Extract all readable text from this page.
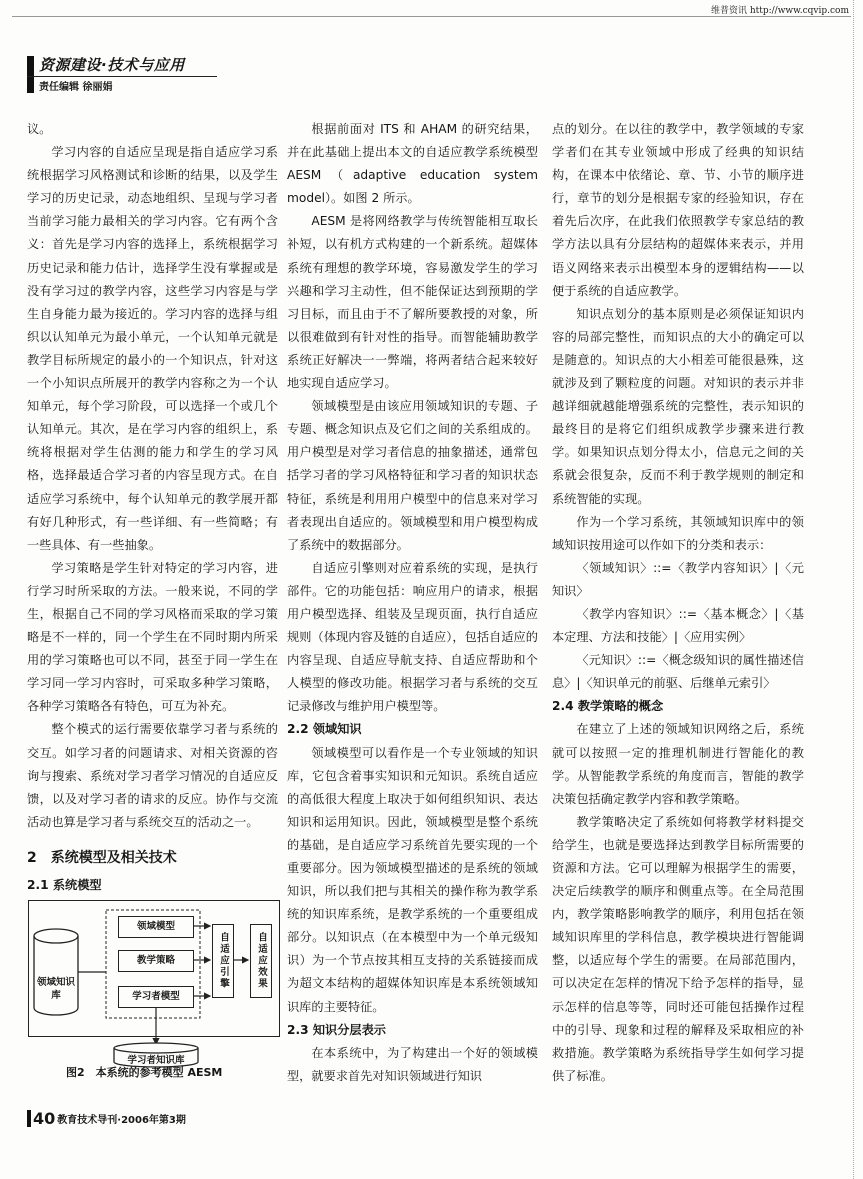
维普资讯 http://www.cqvip.com
资源建设·技术与应用
责任编辑 徐丽娟

议。

学习内容的自适应呈现是指自适应学习系统根据学习风格测试和诊断的结果，以及学生学习的历史记录，动态地组织、呈现与学习者当前学习能力最相关的学习内容。它有两个含义：首先是学习内容的选择上，系统根据学习历史记录和能力估计，选择学生没有掌握或是没有学习过的教学内容，这些学习内容是与学生自身能力最为接近的。学习内容的选择与组织以认知单元为最小单元，一个认知单元就是教学目标所规定的最小的一个知识点，针对这一个小知识点所展开的教学内容称之为一个认知单元，每个学习阶段，可以选择一个或几个认知单元。其次，是在学习内容的组织上，系统将根据对学生估测的能力和学生的学习风格，选择最适合学习者的内容呈现方式。在自适应学习系统中，每个认知单元的教学展开都有好几种形式，有一些详细、有一些简略；有一些具体、有一些抽象。

学习策略是学生针对特定的学习内容，进行学习时所采取的方法。一般来说，不同的学生，根据自己不同的学习风格而采取的学习策略是不一样的，同一个学生在不同时期内所采用的学习策略也可以不同，甚至于同一学生在学习同一学习内容时，可采取多种学习策略，各种学习策略各有特色，可互为补充。

整个模式的运行需要依靠学习者与系统的交互。如学习者的问题请求、对相关资源的咨询与搜索、系统对学习者学习情况的自适应反馈，以及对学习者的请求的反应。协作与交流活动也算是学习者与系统交互的活动之一。

2　系统模型及相关技术
2.1 系统模型
领域知识库
领域模型
教学策略
学习者模型
学习者知识库
自适应引擎	自适应效果
图2　本系统的参考模型 AESM

根据前面对 ITS 和 AHAM 的研究结果，并在此基础上提出本文的自适应教学系统模型 AESM（adaptive education system model）。如图 2 所示。

AESM 是将网络教学与传统智能相互取长补短，以有机方式构建的一个新系统。超媒体系统有理想的教学环境，容易激发学生的学习兴趣和学习主动性，但不能保证达到预期的学习目标，而且由于不了解所要教授的对象，所以很难做到有针对性的指导。而智能辅助教学系统正好解决一一弊端，将两者结合起来较好地实现自适应学习。

领域模型是由该应用领域知识的专题、子专题、概念知识点及它们之间的关系组成的。用户模型是对学习者信息的抽象描述，通常包括学习者的学习风格特征和学习者的知识状态特征，系统是利用用户模型中的信息来对学习者表现出自适应的。领域模型和用户模型构成了系统中的数据部分。

自适应引擎则对应着系统的实现，是执行部件。它的功能包括：响应用户的请求，根据用户模型选择、组装及呈现页面，执行自适应规则（体现内容及链的自适应），包括自适应的内容呈现、自适应导航支持、自适应帮助和个人模型的修改功能。根据学习者与系统的交互记录修改与维护用户模型等。

2.2 领域知识

领域模型可以看作是一个专业领域的知识库，它包含着事实知识和元知识。系统自适应的高低很大程度上取决于如何组织知识、表达知识和运用知识。因此，领域模型是整个系统的基础，是自适应学习系统首先要实现的一个重要部分。因为领域模型描述的是系统的领域知识，所以我们把与其相关的操作称为教学系统的知识库系统，是教学系统的一个重要组成部分。以知识点（在本模型中为一个单元级知识）为一个节点按其相互支持的关系链接而成为超文本结构的超媒体知识库是本系统领域知识库的主要特征。

2.3 知识分层表示

在本系统中，为了构建出一个好的领域模型，就要求首先对知识领域进行知识

点的划分。在以往的教学中，教学领域的专家学者们在其专业领域中形成了经典的知识结构，在课本中依绪论、章、节、小节的顺序进行，章节的划分是根据专家的经验知识，存在着先后次序，在此我们依照教学专家总结的教学方法以具有分层结构的超媒体来表示，并用语义网络来表示出模型本身的逻辑结构——以便于系统的自适应教学。

知识点划分的基本原则是必须保证知识内容的局部完整性，而知识点的大小的确定可以是随意的。知识点的大小相差可能很悬殊，这就涉及到了颗粒度的问题。对知识的表示并非越详细就越能增强系统的完整性，表示知识的最终目的是将它们组织成教学步骤来进行教学。如果知识点划分得太小，信息元之间的关系就会很复杂，反而不利于教学规则的制定和系统智能的实现。

作为一个学习系统，其领域知识库中的领域知识按用途可以作如下的分类和表示：

〈领域知识〉::=〈教学内容知识〉|〈元知识〉

〈教学内容知识〉::=〈基本概念〉|〈基本定理、方法和技能〉|〈应用实例〉

〈元知识〉::=〈概念级知识的属性描述信息〉|〈知识单元的前驱、后继单元索引〉

2.4 教学策略的概念

在建立了上述的领域知识网络之后，系统就可以按照一定的推理机制进行智能化的教学。从智能教学系统的角度而言，智能的教学决策包括确定教学内容和教学策略。

教学策略决定了系统如何将教学材料提交给学生，也就是要选择达到教学目标所需要的资源和方法。它可以理解为根据学生的需要，决定后续教学的顺序和侧重点等。在全局范围内，教学策略影响教学的顺序，利用包括在领域知识库里的学科信息，教学模块进行智能调整，以适应每个学生的需要。在局部范围内，可以决定在怎样的情况下给予怎样的指导，显示怎样的信息等等，同时还可能包括操作过程中的引导、现象和过程的解释及采取相应的补救措施。教学策略为系统指导学生如何学习提供了标准。

40 教育技术导刊·2006年第3期
